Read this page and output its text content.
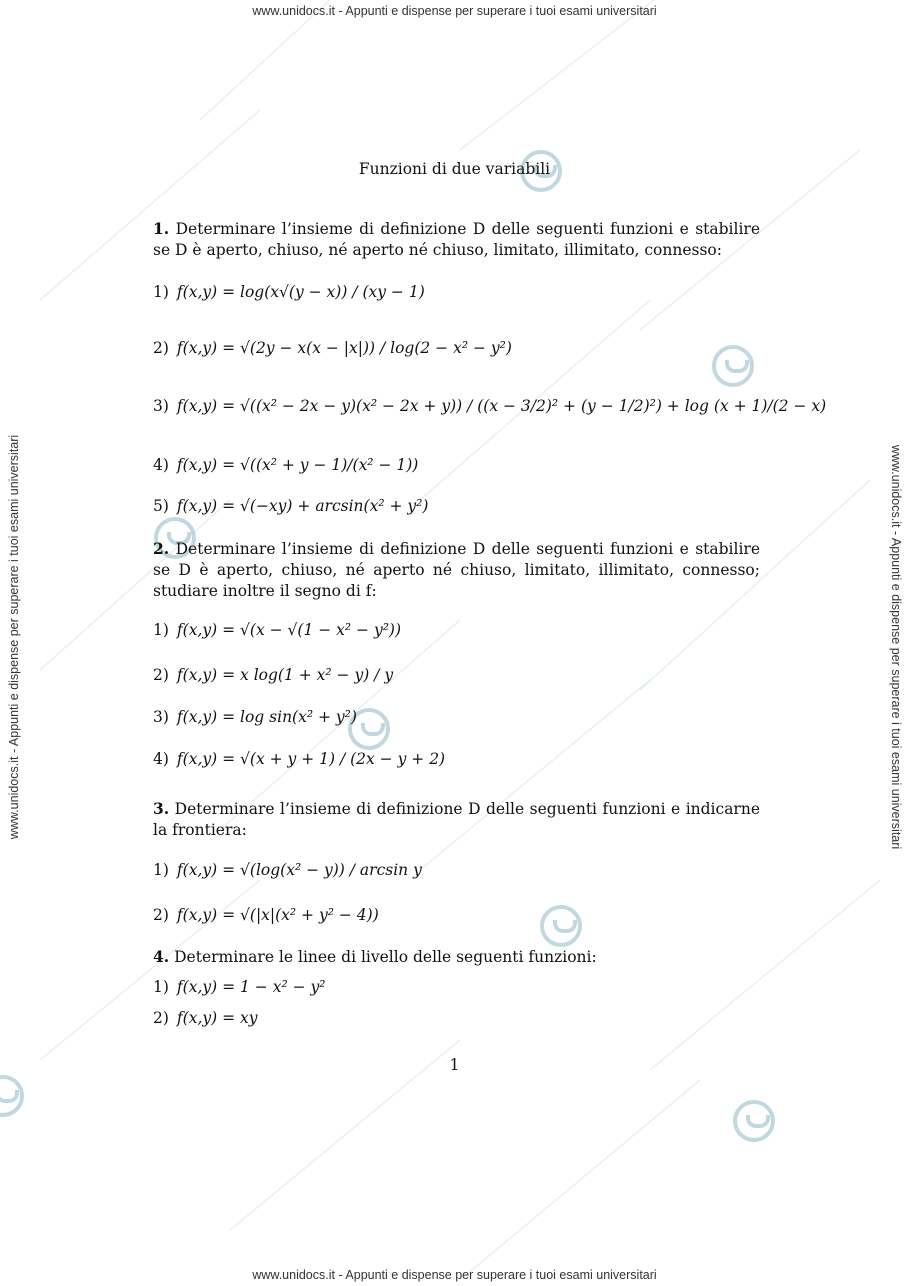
www.unidocs.it - Appunti e dispense per superare i tuoi esami universitari
www.unidocs.it - Appunti e dispense per superare i tuoi esami universitari
www.unidocs.it - Appunti e dispense per superare i tuoi esami universitari	www.unidocs.it - Appunti e dispense per superare i tuoi esami universitari
Funzioni di due variabili
1. Determinare l’insieme di definizione D delle seguenti funzioni e stabilire se D è aperto, chiuso, né aperto né chiuso, limitato, illimitato, connesso:
1) f(x,y) = log(x√(y − x)) / (xy − 1)
2) f(x,y) = √(2y − x(x − |x|)) / log(2 − x² − y²)
3) f(x,y) = √((x² − 2x − y)(x² − 2x + y)) / ((x − 3/2)² + (y − 1/2)²) + log (x + 1)/(2 − x)
4) f(x,y) = √((x² + y − 1)/(x² − 1))
5) f(x,y) = √(−xy) + arcsin(x² + y²)
2. Determinare l’insieme di definizione D delle seguenti funzioni e stabilire se D è aperto, chiuso, né aperto né chiuso, limitato, illimitato, connesso; studiare inoltre il segno di f:
1) f(x,y) = √(x − √(1 − x² − y²))
2) f(x,y) = x log(1 + x² − y) / y
3) f(x,y) = log sin(x² + y²)
4) f(x,y) = √(x + y + 1) / (2x − y + 2)
3. Determinare l’insieme di definizione D delle seguenti funzioni e indicarne la frontiera:
1) f(x,y) = √(log(x² − y)) / arcsin y
2) f(x,y) = √(|x|(x² + y² − 4))
4. Determinare le linee di livello delle seguenti funzioni:
1) f(x,y) = 1 − x² − y²
2) f(x,y) = xy
1
